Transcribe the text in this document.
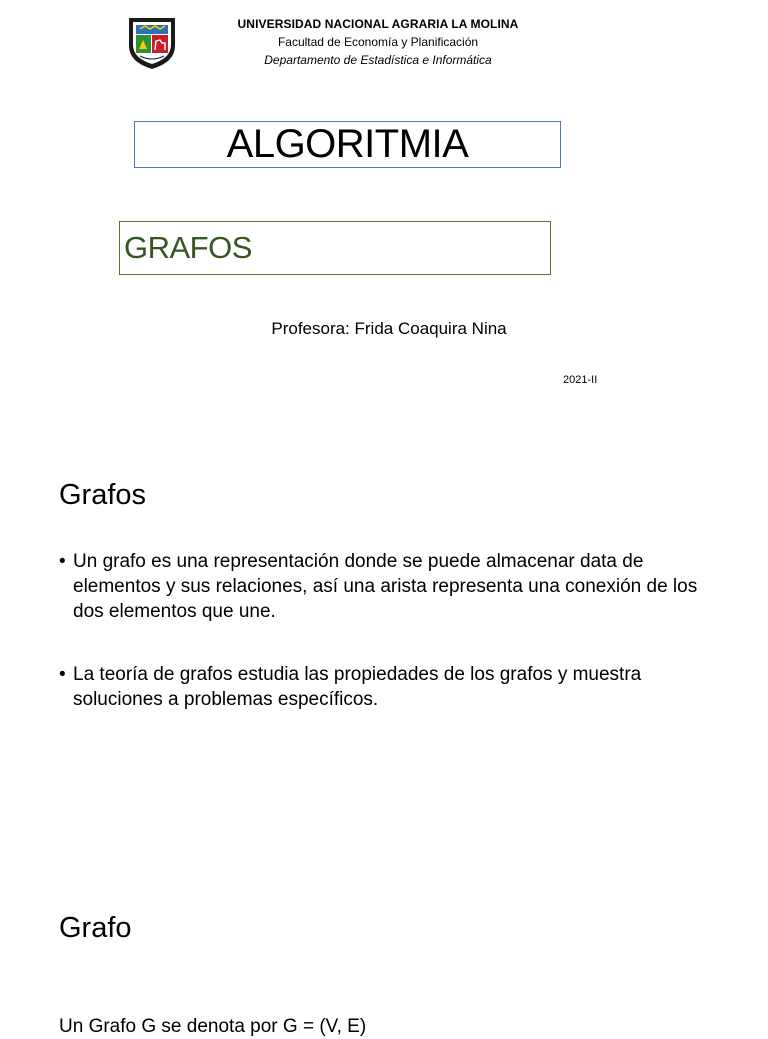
UNIVERSIDAD NACIONAL AGRARIA LA MOLINA
Facultad de Economía y Planificación
Departamento de Estadística e Informática
ALGORITMIA
GRAFOS
Profesora: Frida Coaquira Nina
2021-II
Grafos
• Un grafo es una representación donde se puede almacenar data de elementos y sus relaciones, así una arista representa una conexión de los dos elementos que une.
• La teoría de grafos estudia las propiedades de los grafos y muestra soluciones a problemas específicos.
Grafo
Un Grafo G se denota por G = (V, E)
